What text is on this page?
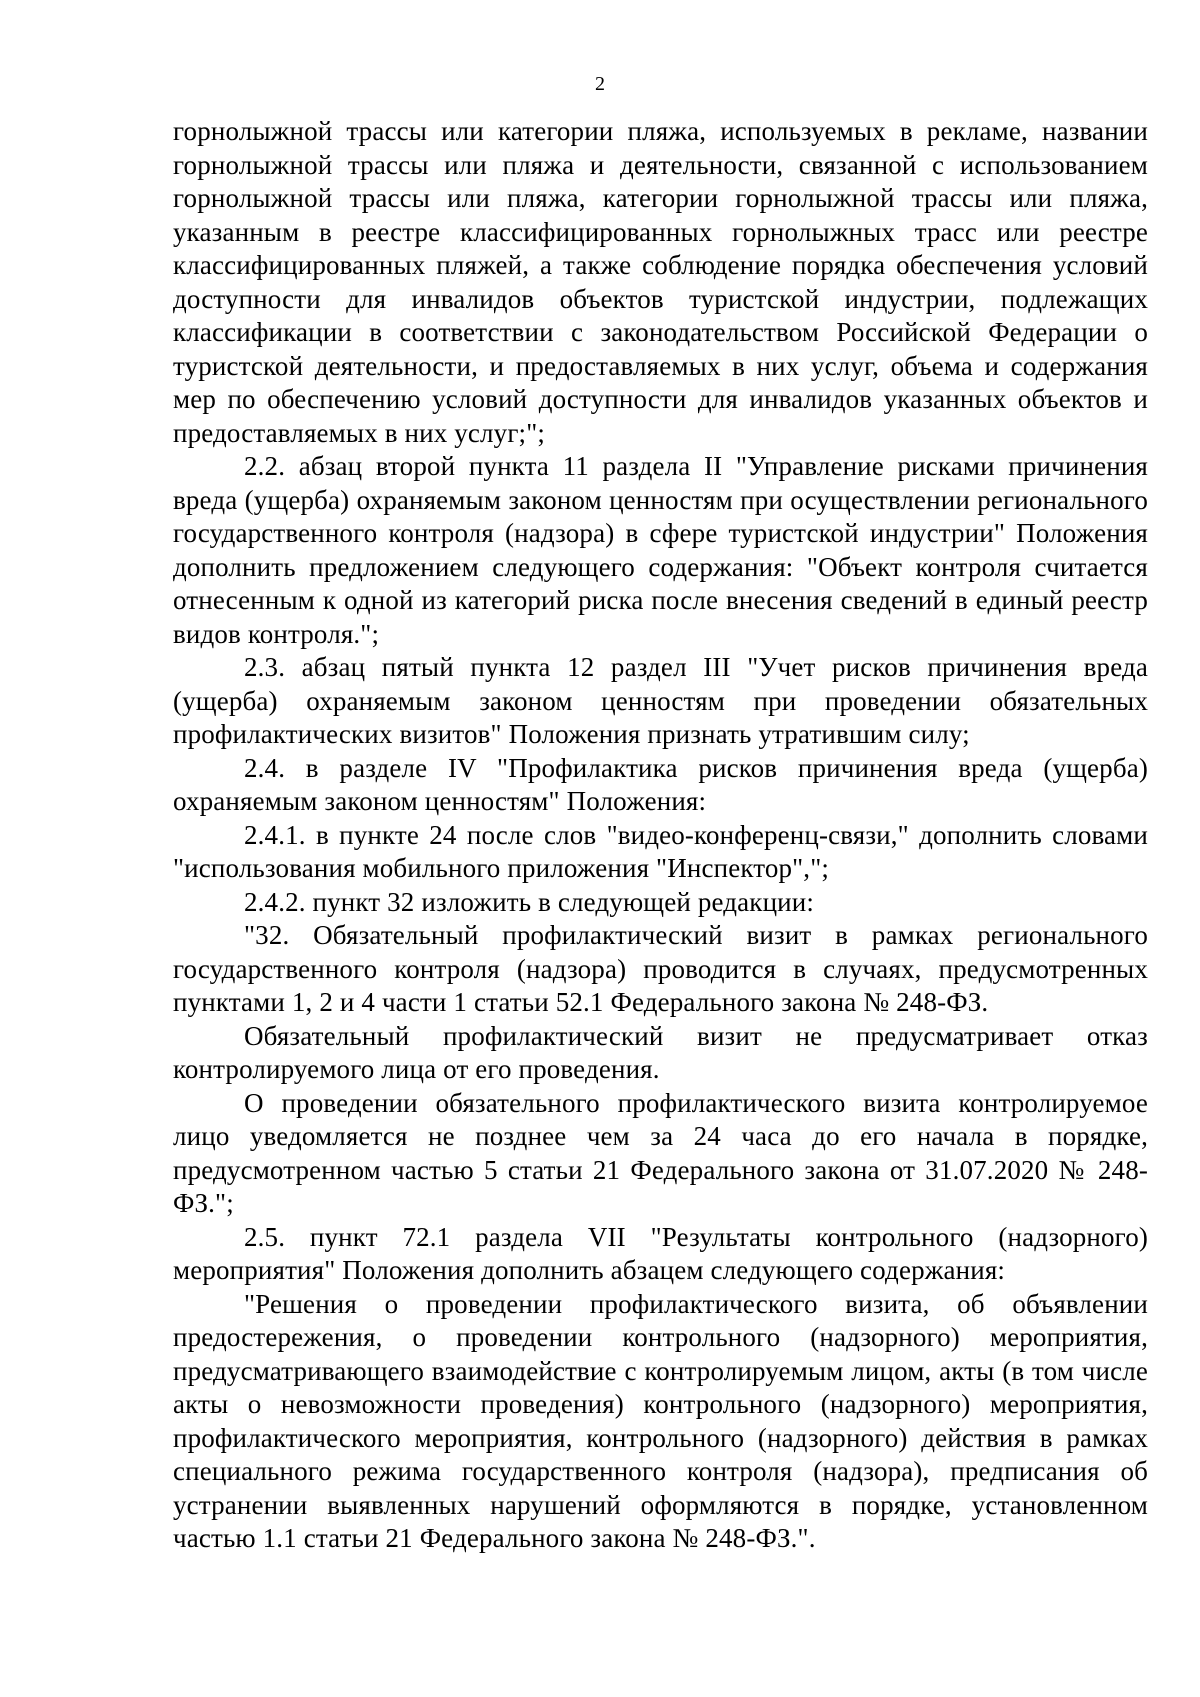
2

горнолыжной трассы или категории пляжа, используемых в рекламе, названии горнолыжной трассы или пляжа и деятельности, связанной с использованием горнолыжной трассы или пляжа, категории горнолыжной трассы или пляжа, указанным в реестре классифицированных горнолыжных трасс или реестре классифицированных пляжей, а также соблюдение порядка обеспечения условий доступности для инвалидов объектов туристской индустрии, подлежащих классификации в соответствии с законодательством Российской Федерации о туристской деятельности, и предоставляемых в них услуг, объема и содержания мер по обеспечению условий доступности для инвалидов указанных объектов и предоставляемых в них услуг;";

2.2. абзац второй пункта 11 раздела II "Управление рисками причинения вреда (ущерба) охраняемым законом ценностям при осуществлении регионального государственного контроля (надзора) в сфере туристской индустрии" Положения дополнить предложением следующего содержания: "Объект контроля считается отнесенным к одной из категорий риска после внесения сведений в единый реестр видов контроля.";

2.3. абзац пятый пункта 12 раздел III "Учет рисков причинения вреда (ущерба) охраняемым законом ценностям при проведении обязательных профилактических визитов" Положения признать утратившим силу;

2.4. в разделе IV "Профилактика рисков причинения вреда (ущерба) охраняемым законом ценностям" Положения:

2.4.1. в пункте 24 после слов "видео-конференц-связи," дополнить словами "использования мобильного приложения "Инспектор",";

2.4.2. пункт 32 изложить в следующей редакции:

"32. Обязательный профилактический визит в рамках регионального государственного контроля (надзора) проводится в случаях, предусмотренных пунктами 1, 2 и 4 части 1 статьи 52.1 Федерального закона № 248-ФЗ.

Обязательный профилактический визит не предусматривает отказ контролируемого лица от его проведения.

О проведении обязательного профилактического визита контролируемое лицо уведомляется не позднее чем за 24 часа до его начала в порядке, предусмотренном частью 5 статьи 21 Федерального закона от 31.07.2020 № 248-ФЗ.";

2.5. пункт 72.1 раздела VII "Результаты контрольного (надзорного) мероприятия" Положения дополнить абзацем следующего содержания:

"Решения о проведении профилактического визита, об объявлении предостережения, о проведении контрольного (надзорного) мероприятия, предусматривающего взаимодействие с контролируемым лицом, акты (в том числе акты о невозможности проведения) контрольного (надзорного) мероприятия, профилактического мероприятия, контрольного (надзорного) действия в рамках специального режима государственного контроля (надзора), предписания об устранении выявленных нарушений оформляются в порядке, установленном частью 1.1 статьи 21 Федерального закона № 248-ФЗ.".
